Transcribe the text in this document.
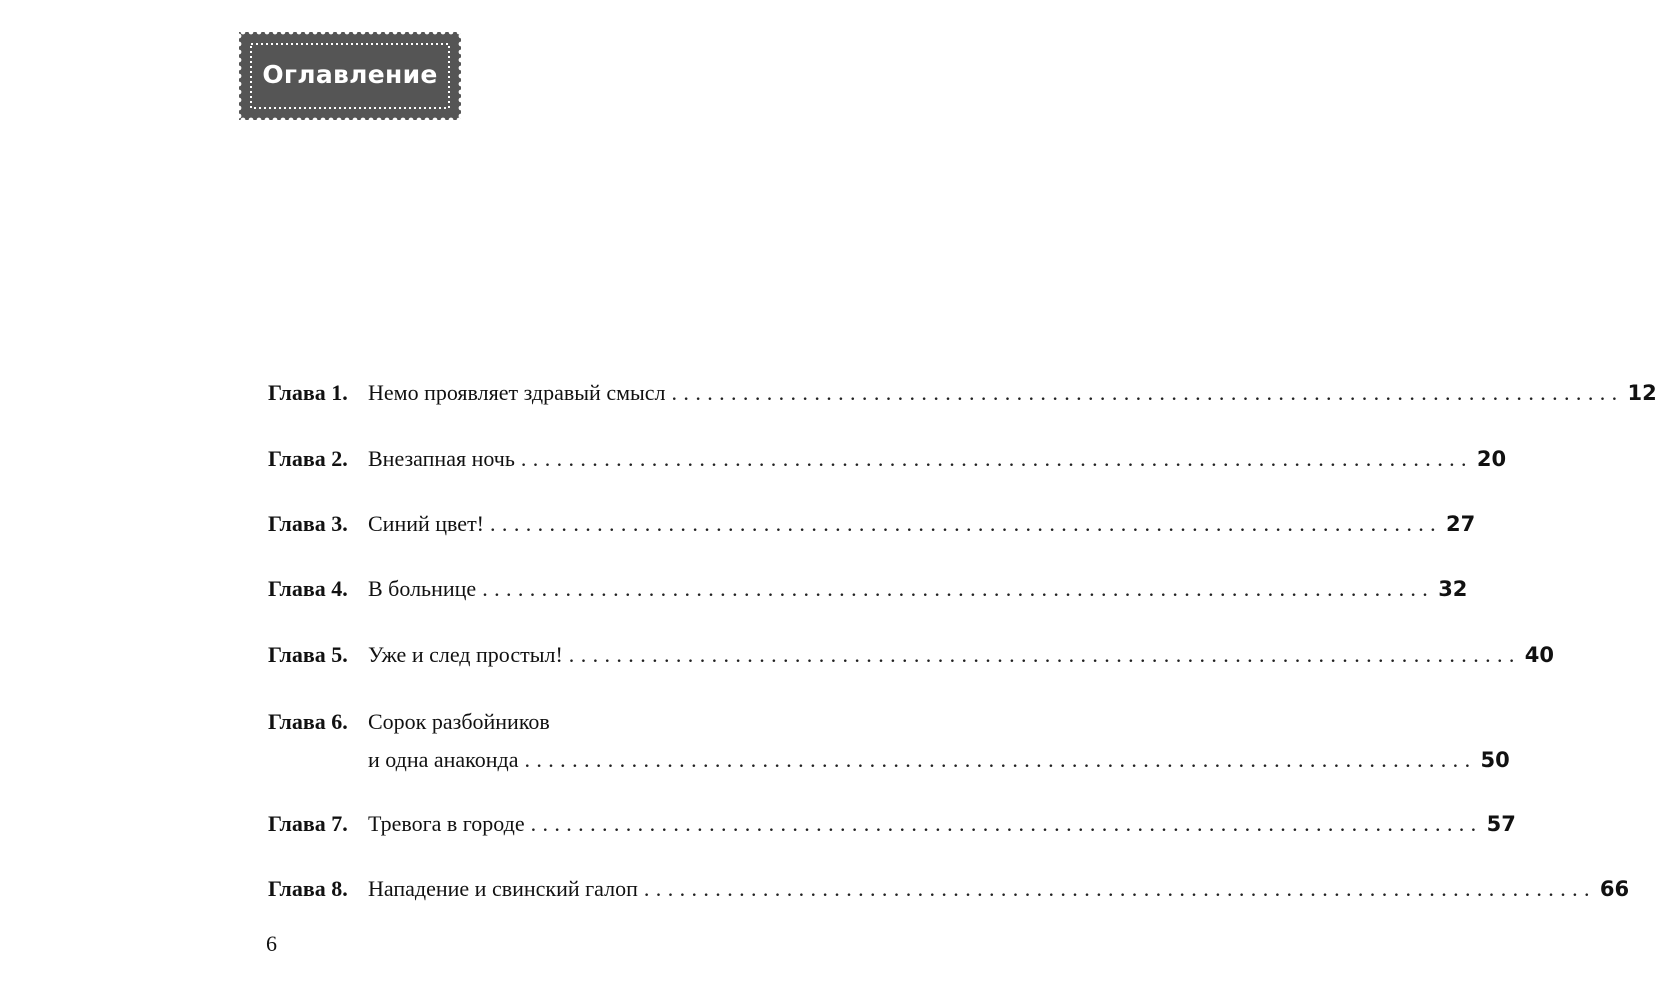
Оглавление
Глава 1. Немо проявляет здравый смысл ................................................................................ 12
Глава 2. Внезапная ночь ................................................................................ 20
Глава 3. Синий цвет! ................................................................................ 27
Глава 4. В больнице ................................................................................ 32
Глава 5. Уже и след простыл! ................................................................................ 40
Глава 6. Сорок разбойников
и одна анаконда ................................................................................ 50
Глава 7. Тревога в городе ................................................................................ 57
Глава 8. Нападение и свинский галоп ................................................................................ 66
6
